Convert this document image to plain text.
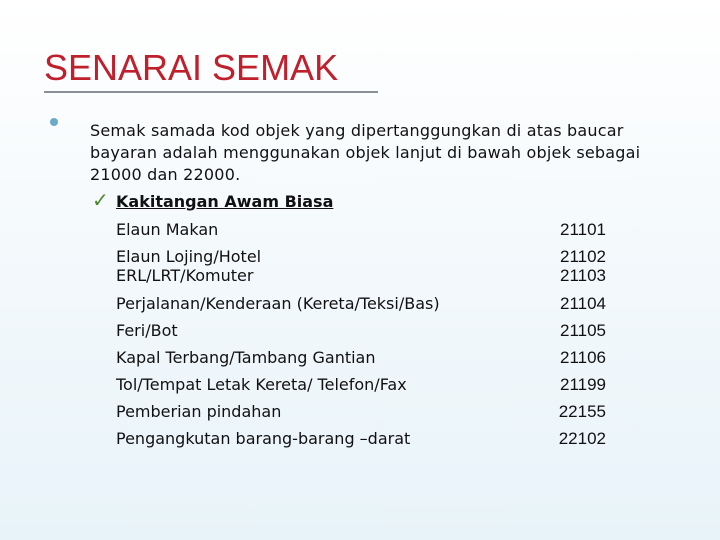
SENARAI SEMAK
Semak samada kod objek yang dipertanggungkan di atas baucar bayaran adalah menggunakan objek lanjut di bawah objek sebagai 21000 dan 22000.
✓ Kakitangan Awam Biasa
Elaun Makan	21101
Elaun Lojing/Hotel	21102
ERL/LRT/Komuter	21103
Perjalanan/Kenderaan (Kereta/Teksi/Bas)	21104
Feri/Bot	21105
Kapal Terbang/Tambang Gantian	21106
Tol/Tempat Letak Kereta/ Telefon/Fax	21199
Pemberian pindahan	22155
Pengangkutan barang-barang –darat	22102
